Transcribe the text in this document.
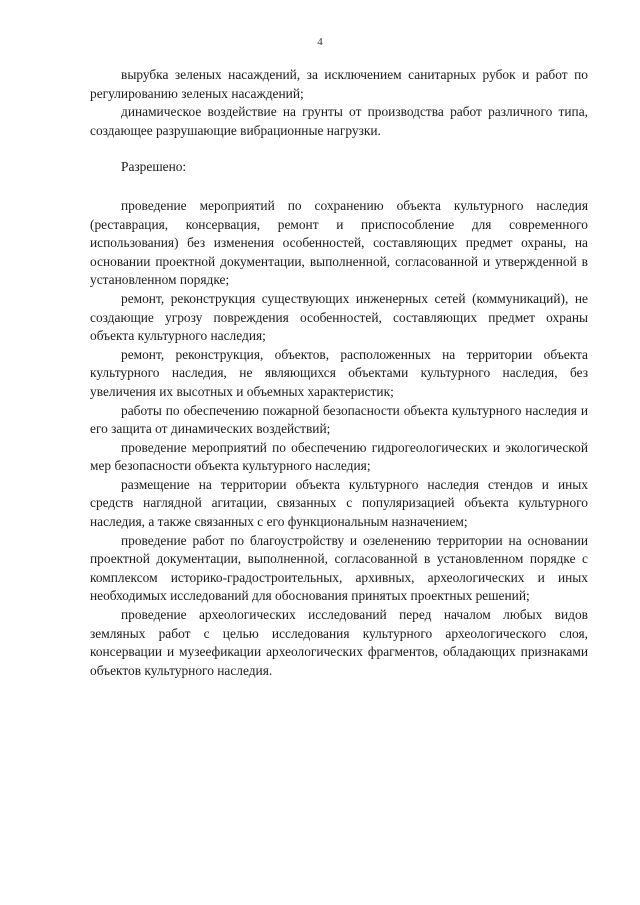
4

вырубка зеленых насаждений, за исключением санитарных рубок и работ по регулированию зеленых насаждений;

динамическое воздействие на грунты от производства работ различного типа, создающее разрушающие вибрационные нагрузки.

Разрешено:

проведение мероприятий по сохранению объекта культурного наследия (реставрация, консервация, ремонт и приспособление для современного использования) без изменения особенностей, составляющих предмет охраны, на основании проектной документации, выполненной, согласованной и утвержденной в установленном порядке;

ремонт, реконструкция существующих инженерных сетей (коммуникаций), не создающие угрозу повреждения особенностей, составляющих предмет охраны объекта культурного наследия;

ремонт, реконструкция, объектов, расположенных на территории объекта культурного наследия, не являющихся объектами культурного наследия, без увеличения их высотных и объемных характеристик;

работы по обеспечению пожарной безопасности объекта культурного наследия и его защита от динамических воздействий;

проведение мероприятий по обеспечению гидрогеологических и экологической мер безопасности объекта культурного наследия;

размещение на территории объекта культурного наследия стендов и иных средств наглядной агитации, связанных с популяризацией объекта культурного наследия, а также связанных с его функциональным назначением;

проведение работ по благоустройству и озеленению территории на основании проектной документации, выполненной, согласованной в установленном порядке с комплексом историко-градостроительных, архивных, археологических и иных необходимых исследований для обоснования принятых проектных решений;

проведение археологических исследований перед началом любых видов земляных работ с целью исследования культурного археологического слоя, консервации и музеефикации археологических фрагментов, обладающих признаками объектов культурного наследия.
